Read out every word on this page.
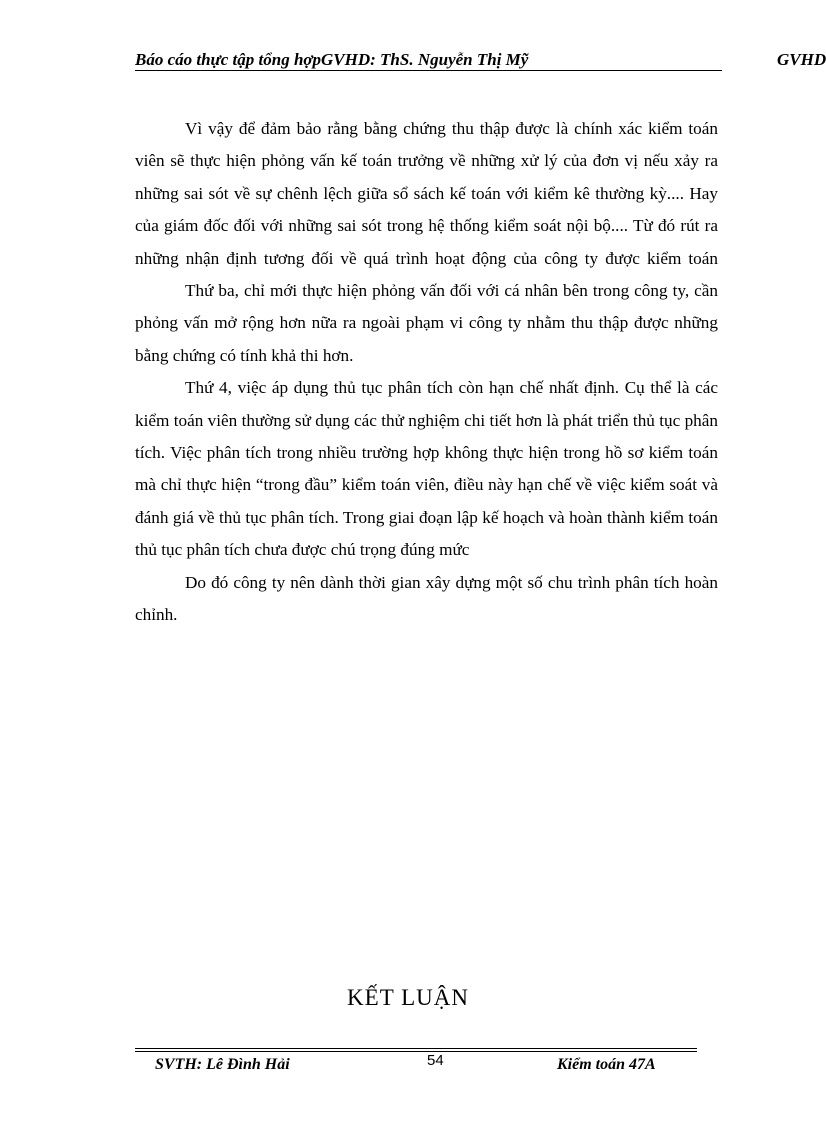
Báo cáo thực tập tổng hợpGVHD: ThS. Nguyễn Thị Mỹ	GVHD

Vì vậy để đảm bảo rằng bằng chứng thu thập được là chính xác kiểm toán viên sẽ thực hiện phỏng vấn kế toán trưởng về những xử lý của đơn vị nếu xảy ra những sai sót về sự chênh lệch giữa sổ sách kế toán với kiểm kê thường kỳ.... Hay của giám đốc đối với những sai sót trong hệ thống kiểm soát nội bộ.... Từ đó rút ra những nhận định tương đối về quá trình hoạt động của công ty được kiểm toán

Thứ ba, chỉ mới thực hiện phỏng vấn đối với cá nhân bên trong công ty, cần phỏng vấn mở rộng hơn nữa ra ngoài phạm vi công ty nhằm thu thập được những bằng chứng có tính khả thi hơn.

Thứ 4, việc áp dụng thủ tục phân tích còn hạn chế nhất định. Cụ thể là các kiểm toán viên thường sử dụng các thử nghiệm chi tiết hơn là phát triển thủ tục phân tích. Việc phân tích trong nhiều trường hợp không thực hiện trong hồ sơ kiểm toán mà chỉ thực hiện “trong đầu” kiểm toán viên, điều này hạn chế về việc kiểm soát và đánh giá về thủ tục phân tích. Trong giai đoạn lập kế hoạch và hoàn thành kiểm toán thủ tục phân tích chưa được chú trọng đúng mức

Do đó công ty nên dành thời gian xây dựng một số chu trình phân tích hoàn chỉnh.

KẾT LUẬN
SVTH: Lê Đình Hải	54	Kiểm toán 47A
